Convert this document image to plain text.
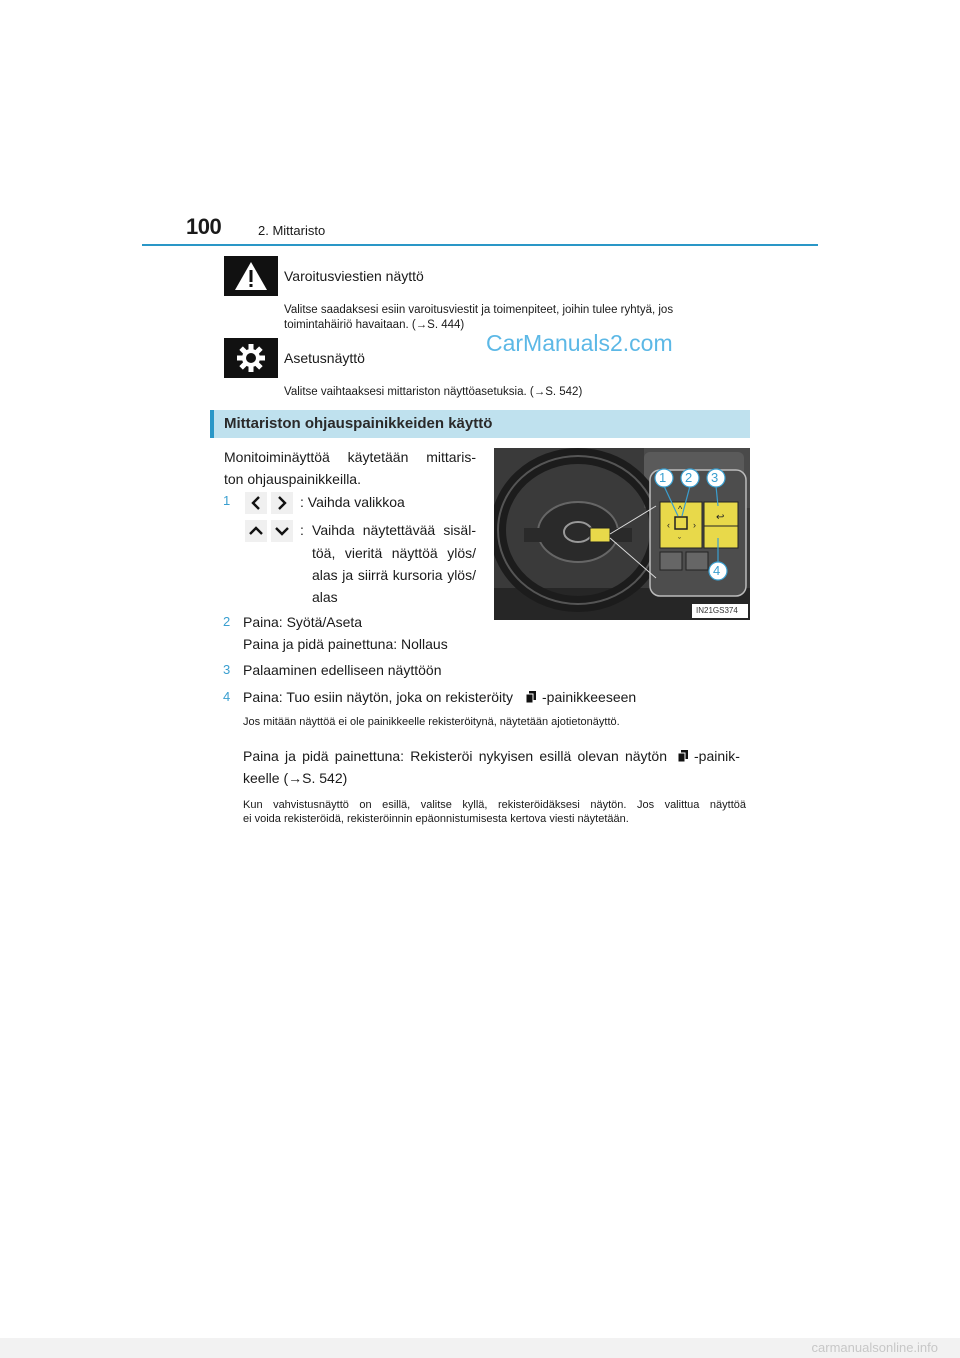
100	2. Mittaristo
Varoitusviestien näyttö
Valitse saadaksesi esiin varoitusviestit ja toimenpiteet, joihin tulee ryhtyä, jos
toimintahäiriö havaitaan. (→S. 444)
CarManuals2.com
Asetusnäyttö
Valitse vaihtaaksesi mittariston näyttöasetuksia. (→S. 542)
Mittariston ohjauspainikkeiden käyttö
Monitoiminäyttöä käytetään mittaris-
ton ohjauspainikkeilla.
1	: Vaihda valikkoa
: Vaihda näytettävää sisäl-
töä, vieritä näyttöä ylös/
alas ja siirrä kursoria ylös/
alas
‹	›
^
ˇ
↩
1 2 3
4
IN21GS374
2 Paina: Syötä/Aseta
Paina ja pidä painettuna: Nollaus
3 Palaaminen edelliseen näyttöön
4 Paina: Tuo esiin näytön, joka on rekisteröity -painikkeeseen
Jos mitään näyttöä ei ole painikkeelle rekisteröitynä, näytetään ajotietonäyttö.
Paina ja pidä painettuna: Rekisteröi nykyisen esillä olevan näytön -painik-
keelle (→S. 542)
Kun vahvistusnäyttö on esillä, valitse kyllä, rekisteröidäksesi näytön. Jos valittua näyttöä
ei voida rekisteröidä, rekisteröinnin epäonnistumisesta kertova viesti näytetään.
carmanualsonline.info
